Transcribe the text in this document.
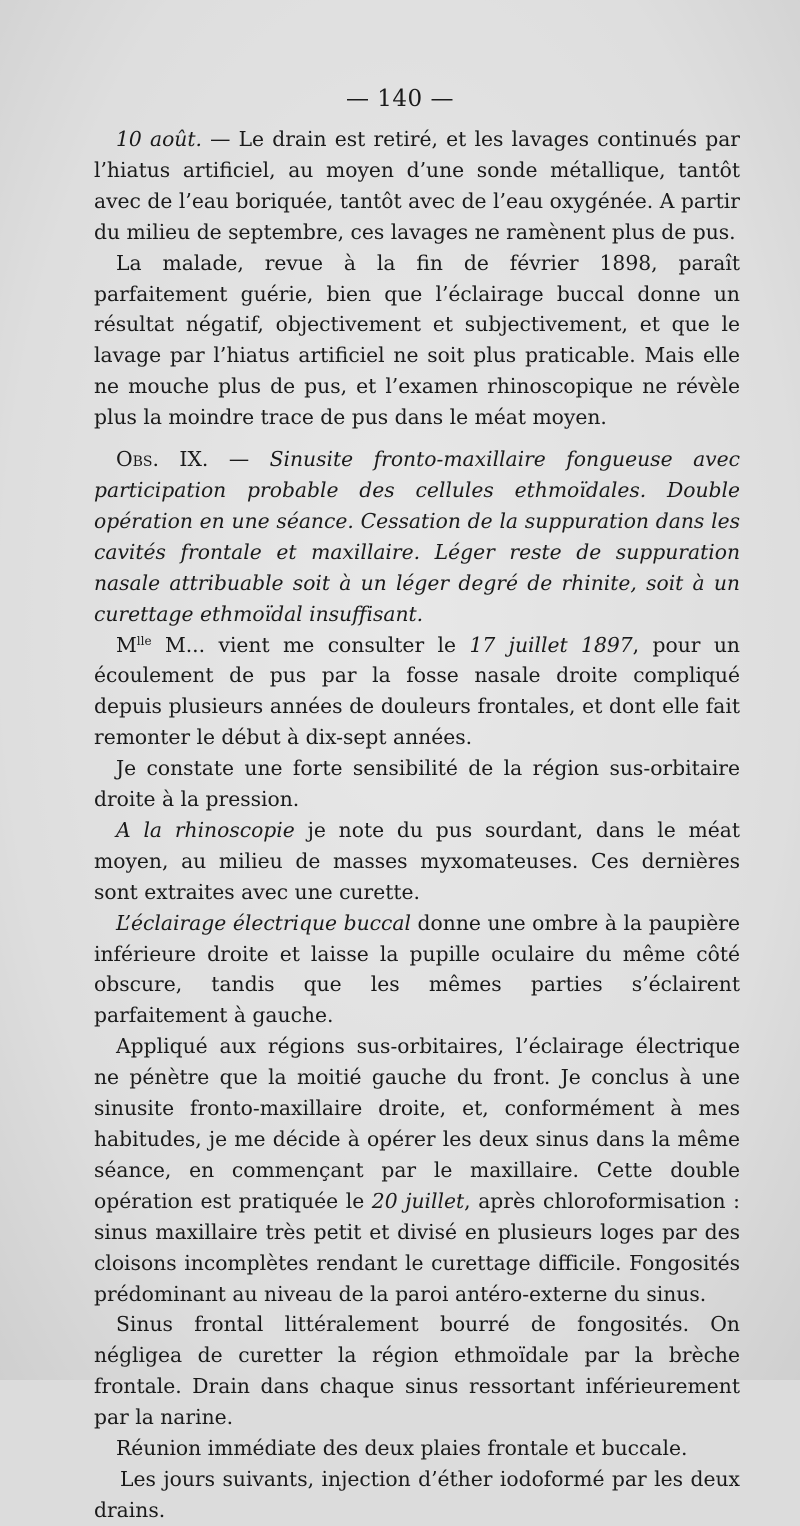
— 140 —

10 août. — Le drain est retiré, et les lavages continués par l’hiatus artificiel, au moyen d’une sonde métallique, tantôt avec de l’eau boriquée, tantôt avec de l’eau oxygénée. A partir du milieu de septembre, ces lavages ne ramènent plus de pus.

La malade, revue à la fin de février 1898, paraît parfaitement guérie, bien que l’éclairage buccal donne un résultat négatif, objectivement et subjectivement, et que le lavage par l’hiatus artificiel ne soit plus praticable. Mais elle ne mouche plus de pus, et l’examen rhinoscopique ne révèle plus la moindre trace de pus dans le méat moyen.

Obs. IX. — Sinusite fronto-maxillaire fongueuse avec participation probable des cellules ethmoïdales. Double opération en une séance. Cessation de la suppuration dans les cavités frontale et maxillaire. Léger reste de suppuration nasale attribuable soit à un léger degré de rhinite, soit à un curettage ethmoïdal insuffisant.

$M^{lle}$ M... vient me consulter le 17 juillet 1897, pour un écoulement de pus par la fosse nasale droite compliqué depuis plusieurs années de douleurs frontales, et dont elle fait remonter le début à dix-sept années.

Je constate une forte sensibilité de la région sus-orbitaire droite à la pression.

A la rhinoscopie je note du pus sourdant, dans le méat moyen, au milieu de masses myxomateuses. Ces dernières sont extraites avec une curette.

L’éclairage électrique buccal donne une ombre à la paupière inférieure droite et laisse la pupille oculaire du même côté obscure, tandis que les mêmes parties s’éclairent parfaitement à gauche.

Appliqué aux régions sus-orbitaires, l’éclairage électrique ne pénètre que la moitié gauche du front. Je conclus à une sinusite fronto-maxillaire droite, et, conformément à mes habitudes, je me décide à opérer les deux sinus dans la même séance, en commençant par le maxillaire. Cette double opération est pratiquée le 20 juillet, après chloroformisation : sinus maxillaire très petit et divisé en plusieurs loges par des cloisons incomplètes rendant le curettage difficile. Fongosités prédominant au niveau de la paroi antéro-externe du sinus.

Sinus frontal littéralement bourré de fongosités. On négligea de curetter la région ethmoïdale par la brèche frontale. Drain dans chaque sinus ressortant inférieurement par la narine.

Réunion immédiate des deux plaies frontale et buccale.

Les jours suivants, injection d’éther iodoformé par les deux drains.
